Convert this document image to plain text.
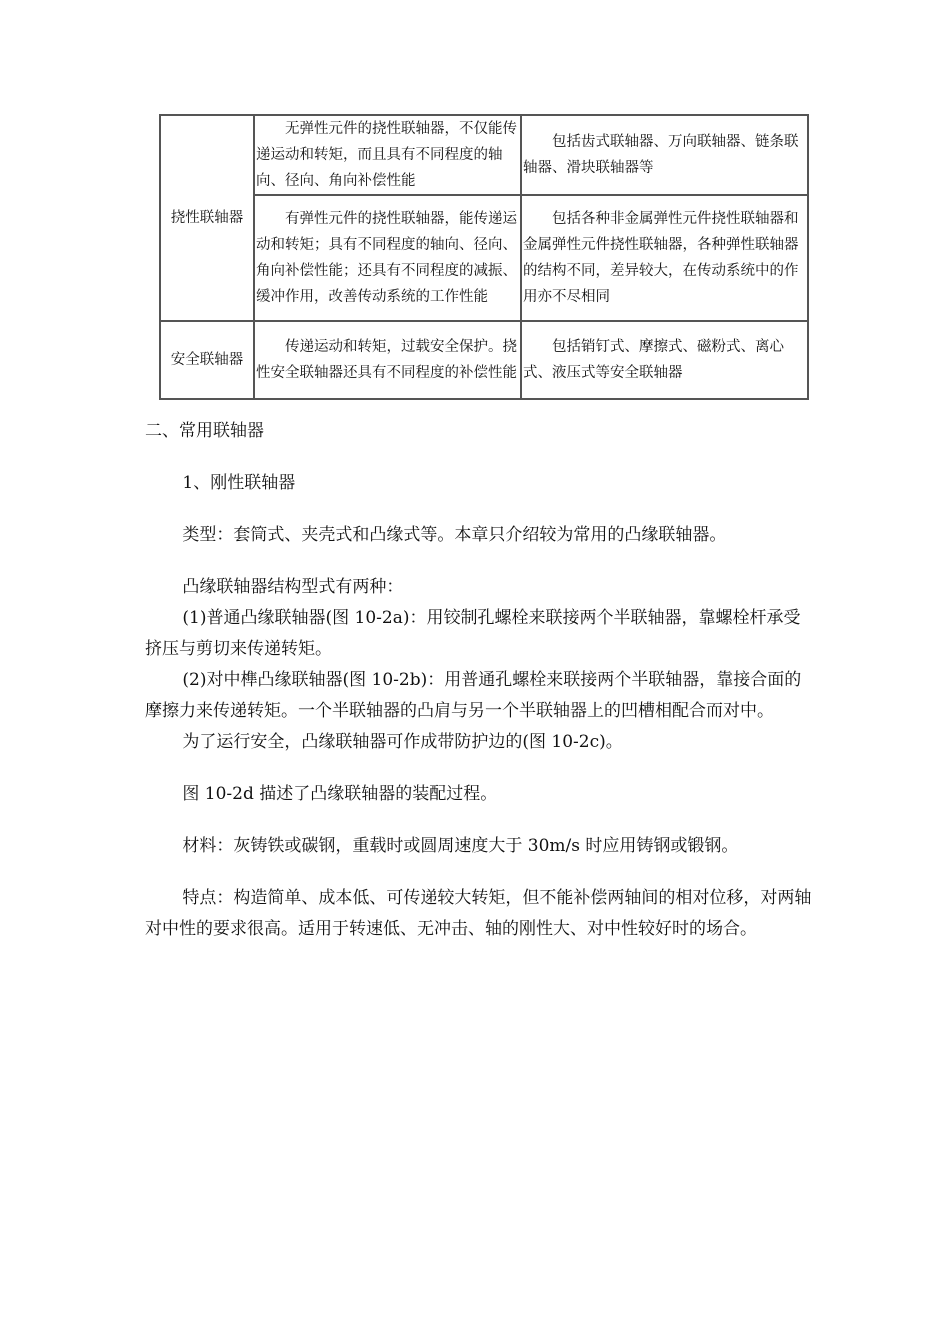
挠性联轴器	无弹性元件的挠性联轴器，不仅能传递运动和转矩，而且具有不同程度的轴向、径向、角向补偿性能	包括齿式联轴器、万向联轴器、链条联轴器、滑块联轴器等

	有弹性元件的挠性联轴器，能传递运动和转矩；具有不同程度的轴向、径向、角向补偿性能；还具有不同程度的减振、缓冲作用，改善传动系统的工作性能	包括各种非金属弹性元件挠性联轴器和金属弹性元件挠性联轴器，各种弹性联轴器的结构不同，差异较大，在传动系统中的作用亦不尽相同

安全联轴器	传递运动和转矩，过载安全保护。挠性安全联轴器还具有不同程度的补偿性能	包括销钉式、摩擦式、磁粉式、离心式、液压式等安全联轴器

二、常用联轴器

1、刚性联轴器

类型：套筒式、夹壳式和凸缘式等。本章只介绍较为常用的凸缘联轴器。

凸缘联轴器结构型式有两种：

(1)普通凸缘联轴器(图 10-2a)：用铰制孔螺栓来联接两个半联轴器，靠螺栓杆承受挤压与剪切来传递转矩。

(2)对中榫凸缘联轴器(图 10-2b)：用普通孔螺栓来联接两个半联轴器，靠接合面的摩擦力来传递转矩。一个半联轴器的凸肩与另一个半联轴器上的凹槽相配合而对中。

为了运行安全，凸缘联轴器可作成带防护边的(图 10-2c)。

图 10-2d 描述了凸缘联轴器的装配过程。

材料：灰铸铁或碳钢，重载时或圆周速度大于 30m/s 时应用铸钢或锻钢。

特点：构造简单、成本低、可传递较大转矩，但不能补偿两轴间的相对位移，对两轴对中性的要求很高。适用于转速低、无冲击、轴的刚性大、对中性较好时的场合。
